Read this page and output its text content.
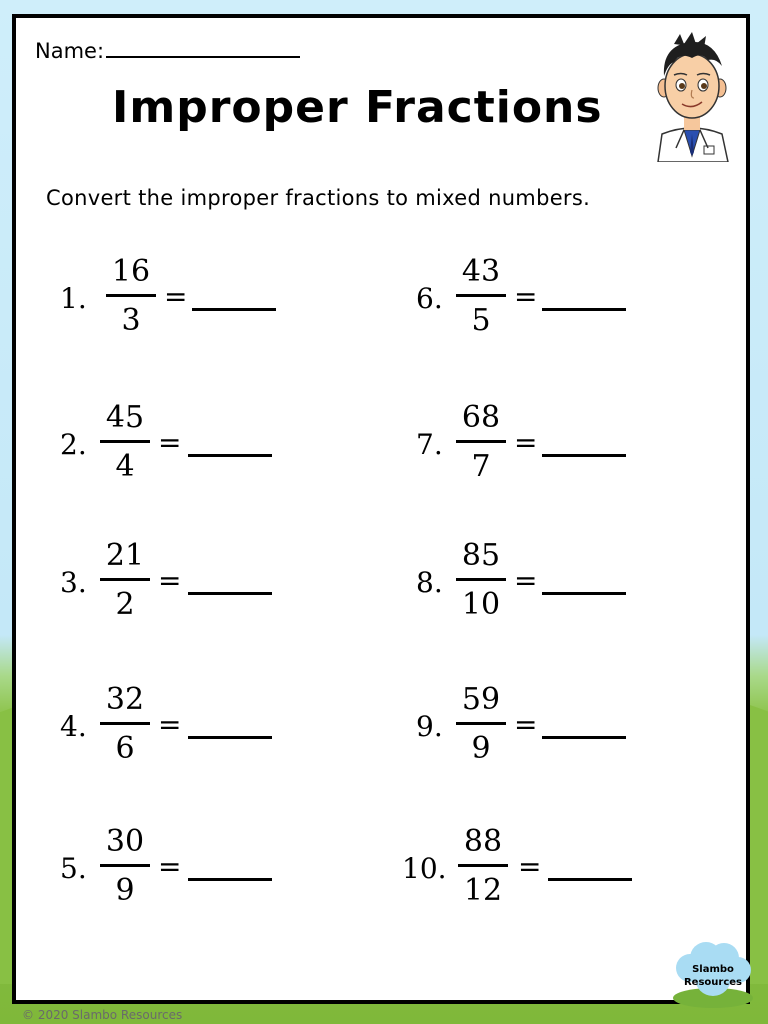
Name:
Improper Fractions
Convert the improper fractions to mixed numbers.
1.
16
3
=
2.
45
4
=
3.
21
2
=
4.
32
6
=
5.
30
9
=
6.
43
5
=
7.
68
7
=
8.
85
10
=
9.
59
9
=
10.
88
12
=
Slambo
Resources
© 2020 Slambo Resources
